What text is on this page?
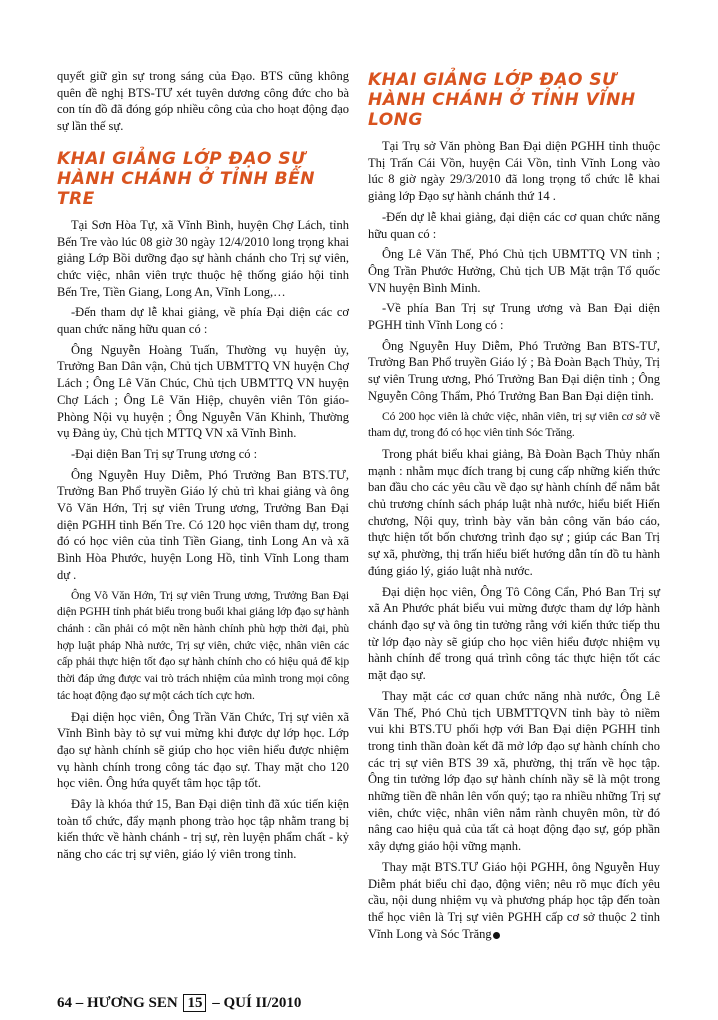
quyết giữ gìn sự trong sáng của Đạo. BTS cũng không quên đề nghị BTS-TƯ xét tuyên dương công đức cho bà con tín đồ đã đóng góp nhiều công của cho hoạt động đạo sự lần thế sự.

KHAI GIẢNG LỚP ĐẠO SỰ HÀNH CHÁNH Ở TỈNH BẾN TRE

Tại Sơn Hòa Tự, xã Vĩnh Bình, huyện Chợ Lách, tỉnh Bến Tre vào lúc 08 giờ 30 ngày 12/4/2010 long trọng khai giảng Lớp Bồi dưỡng đạo sự hành chánh cho Trị sự viên, chức việc, nhân viên trực thuộc hệ thống giáo hội tỉnh Bến Tre, Tiền Giang, Long An, Vĩnh Long,…

-Đến tham dự lễ khai giảng, về phía Đại diện các cơ quan chức năng hữu quan có :

Ông Nguyễn Hoàng Tuấn, Thường vụ huyện ủy, Trưởng Ban Dân vận, Chủ tịch UBMTTQ VN huyện Chợ Lách ; Ông Lê Văn Chúc, Chủ tịch UBMTTQ VN huyện Chợ Lách ; Ông Lê Văn Hiệp, chuyên viên Tôn giáo-Phòng Nội vụ huyện ; Ông Nguyễn Văn Khinh, Thường vụ Đảng ủy, Chủ tịch MTTQ VN xã Vĩnh Bình.

-Đại diện Ban Trị sự Trung ương có :

Ông Nguyễn Huy Diễm, Phó Trưởng Ban BTS.TƯ, Trưởng Ban Phổ truyền Giáo lý chủ trì khai giảng và ông Võ Văn Hớn, Trị sự viên Trung ương, Trưởng Ban Đại diện PGHH tỉnh Bến Tre. Có 120 học viên tham dự, trong đó có học viên của tỉnh Tiền Giang, tỉnh Long An và xã Bình Hòa Phước, huyện Long Hồ, tỉnh Vĩnh Long tham dự .

Ông Võ Văn Hớn, Trị sự viên Trung ương, Trưởng Ban Đại diện PGHH tỉnh phát biểu trong buổi khai giảng lớp đạo sự hành chánh : cần phải có một nền hành chính phù hợp thời đại, phù hợp luật pháp Nhà nước, Trị sự viên, chức việc, nhân viên các cấp phải thực hiện tốt đạo sự hành chính cho có hiệu quả để kịp thời đáp ứng được vai trò trách nhiệm của mình trong mọi công tác hoạt động đạo sự một cách tích cực hơn.

Đại diện học viên, Ông Trần Văn Chức, Trị sự viên xã Vĩnh Bình bày tỏ sự vui mừng khi được dự lớp học. Lớp đạo sự hành chính sẽ giúp cho học viên hiểu được nhiệm vụ hành chính trong công tác đạo sự. Thay mặt cho 120 học viên. Ông hứa quyết tâm học tập tốt.

Đây là khóa thứ 15, Ban Đại diện tỉnh đã xúc tiến kiện toàn tổ chức, đẩy mạnh phong trào học tập nhằm trang bị kiến thức về hành chánh - trị sự, rèn luyện phẩm chất - kỷ năng cho các trị sự viên, giáo lý viên trong tỉnh.

KHAI GIẢNG LỚP ĐẠO SỰ HÀNH CHÁNH Ở TỈNH VĨNH LONG

Tại Trụ sở Văn phòng Ban Đại diện PGHH tỉnh thuộc Thị Trấn Cái Vồn, huyện Cái Vồn, tỉnh Vĩnh Long vào lúc 8 giờ ngày 29/3/2010 đã long trọng tổ chức lễ khai giảng lớp Đạo sự hành chánh thứ 14 .

-Đến dự lễ khai giảng, đại diện các cơ quan chức năng hữu quan có :

Ông Lê Văn Thế, Phó Chủ tịch UBMTTQ VN tỉnh ; Ông Trần Phước Hưởng, Chủ tịch UB Mặt trận Tổ quốc VN huyện Bình Minh.

-Về phía Ban Trị sự Trung ương và Ban Đại diện PGHH tỉnh Vĩnh Long có :

Ông Nguyễn Huy Diễm, Phó Trưởng Ban BTS-TƯ, Trưởng Ban Phổ truyền Giáo lý ; Bà Đoàn Bạch Thủy, Trị sự viên Trung ương, Phó Trưởng Ban Đại diện tỉnh ; Ông Nguyễn Công Thẩm, Phó Trưởng Ban Ban Đại diện tỉnh.

Có 200 học viên là chức việc, nhân viên, trị sự viên cơ sở về tham dự, trong đó có học viên tỉnh Sóc Trăng.

Trong phát biểu khai giảng, Bà Đoàn Bạch Thủy nhấn mạnh : nhằm mục đích trang bị cung cấp những kiến thức ban đầu cho các yêu cầu về đạo sự hành chính để nắm bắt chủ trương chính sách pháp luật nhà nước, hiểu biết Hiến chương, Nội quy, trình bày văn bản công văn báo cáo, thực hiện tốt bốn chương trình đạo sự ; giúp các Ban Trị sự xã, phường, thị trấn hiểu biết hướng dẫn tín đồ tu hành đúng giáo lý, giáo luật nhà nước.

Đại diện học viên, Ông Tô Công Cẩn, Phó Ban Trị sự xã An Phước phát biểu vui mừng được tham dự lớp hành chánh đạo sự và ông tin tưởng rằng với kiến thức tiếp thu từ lớp đạo này sẽ giúp cho học viên hiểu được nhiệm vụ hành chính để trong quá trình công tác thực hiện tốt các mặt đạo sự.

Thay mặt các cơ quan chức năng nhà nước, Ông Lê Văn Thế, Phó Chủ tịch UBMTTQVN tỉnh bày tỏ niềm vui khi BTS.TU phối hợp với Ban Đại diện PGHH tỉnh trong tinh thần đoàn kết đã mở lớp đạo sự hành chính cho các trị sự viên BTS 39 xã, phường, thị trấn về học tập. Ông tin tưởng lớp đạo sự hành chính nầy sẽ là một trong những tiền đề nhân lên vốn quý; tạo ra nhiều những Trị sự viên, chức việc, nhân viên nắm rành chuyên môn, từ đó nâng cao hiệu quả của tất cả hoạt động đạo sự, góp phần xây dựng giáo hội vững mạnh.

Thay mặt BTS.TƯ Giáo hội PGHH, ông Nguyễn Huy Diễm phát biểu chỉ đạo, động viên; nêu rõ mục đích yêu cầu, nội dung nhiệm vụ và phương pháp học tập đến toàn thể học viên là Trị sự viên PGHH cấp cơ sở thuộc 2 tỉnh Vĩnh Long và Sóc Trăng

64 – HƯƠNG SEN 15 – QUÍ II/2010
